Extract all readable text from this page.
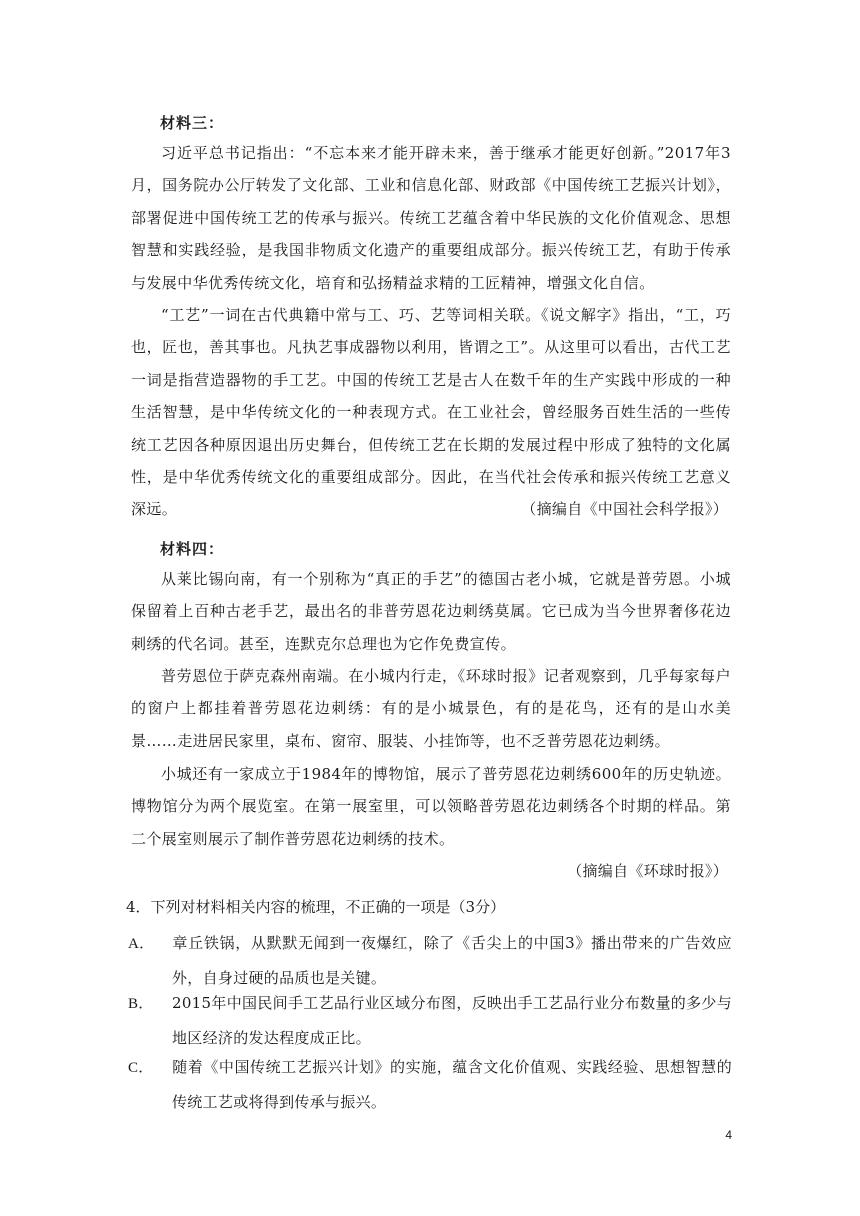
材料三：
习近平总书记指出：“不忘本来才能开辟未来，善于继承才能更好创新。”2017年3月，国务院办公厅转发了文化部、工业和信息化部、财政部《中国传统工艺振兴计划》，部署促进中国传统工艺的传承与振兴。传统工艺蕴含着中华民族的文化价值观念、思想智慧和实践经验，是我国非物质文化遗产的重要组成部分。振兴传统工艺，有助于传承与发展中华优秀传统文化，培育和弘扬精益求精的工匠精神，增强文化自信。
“工艺”一词在古代典籍中常与工、巧、艺等词相关联。《说文解字》指出，“工，巧也，匠也，善其事也。凡执艺事成器物以利用，皆谓之工”。从这里可以看出，古代工艺一词是指营造器物的手工艺。中国的传统工艺是古人在数千年的生产实践中形成的一种生活智慧，是中华传统文化的一种表现方式。在工业社会，曾经服务百姓生活的一些传统工艺因各种原因退出历史舞台，但传统工艺在长期的发展过程中形成了独特的文化属性，是中华优秀传统文化的重要组成部分。因此，在当代社会传承和振兴传统工艺意义深远。	（摘编自《中国社会科学报》）
材料四：
从莱比锡向南，有一个别称为“真正的手艺”的德国古老小城，它就是普劳恩。小城保留着上百种古老手艺，最出名的非普劳恩花边刺绣莫属。它已成为当今世界奢侈花边刺绣的代名词。甚至，连默克尔总理也为它作免费宣传。
普劳恩位于萨克森州南端。在小城内行走，《环球时报》记者观察到，几乎每家每户的窗户上都挂着普劳恩花边刺绣：有的是小城景色，有的是花鸟，还有的是山水美景……走进居民家里，桌布、窗帘、服装、小挂饰等，也不乏普劳恩花边刺绣。
小城还有一家成立于1984年的博物馆，展示了普劳恩花边刺绣600年的历史轨迹。博物馆分为两个展览室。在第一展室里，可以领略普劳恩花边刺绣各个时期的样品。第二个展室则展示了制作普劳恩花边刺绣的技术。
（摘编自《环球时报》）
4．下列对材料相关内容的梳理，不正确的一项是（3分）
A． 章丘铁锅，从默默无闻到一夜爆红，除了《舌尖上的中国3》播出带来的广告效应外，自身过硬的品质也是关键。
B． 2015年中国民间手工艺品行业区域分布图，反映出手工艺品行业分布数量的多少与地区经济的发达程度成正比。
C． 随着《中国传统工艺振兴计划》的实施，蕴含文化价值观、实践经验、思想智慧的传统工艺或将得到传承与振兴。
4
